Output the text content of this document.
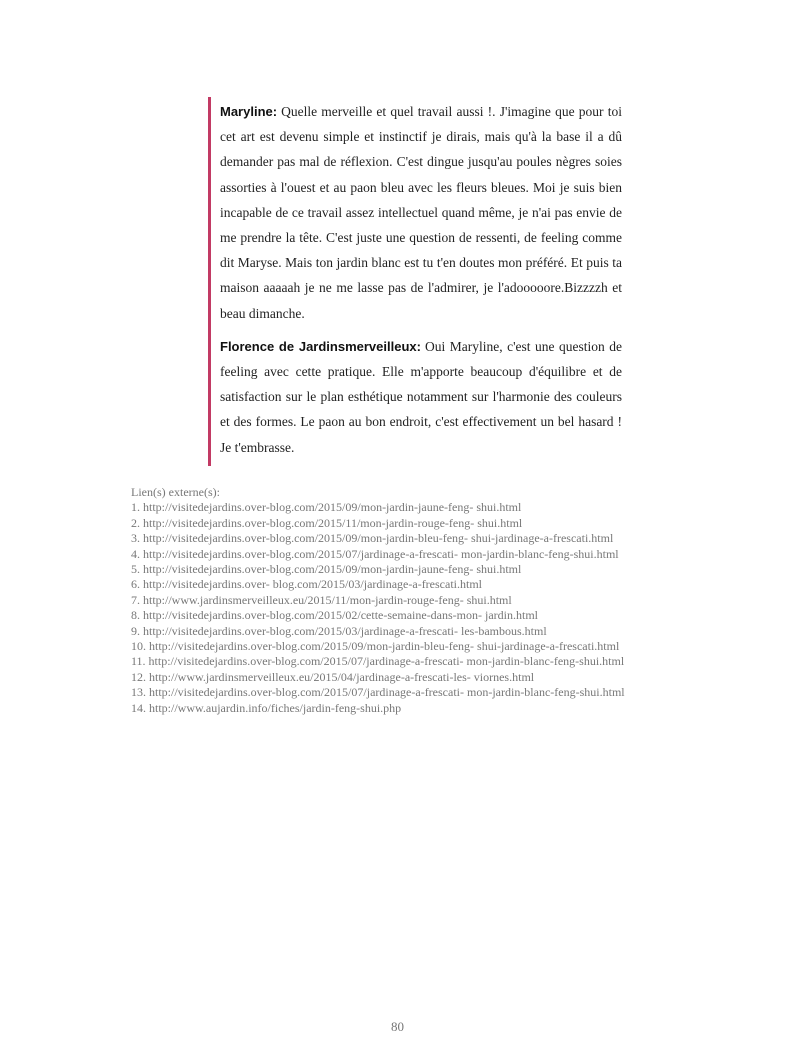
Maryline: Quelle merveille et quel travail aussi !. J'imagine que pour toi cet art est devenu simple et instinctif je dirais, mais qu'à la base il a dû demander pas mal de réflexion. C'est dingue jusqu'au poules nègres soies assorties à l'ouest et au paon bleu avec les fleurs bleues. Moi je suis bien incapable de ce travail assez intellectuel quand même, je n'ai pas envie de me prendre la tête. C'est juste une question de ressenti, de feeling comme dit Maryse. Mais ton jardin blanc est tu t'en doutes mon préféré. Et puis ta maison aaaaah je ne me lasse pas de l'admirer, je l'adooooore.Bizzzzh et beau dimanche.

Florence de Jardinsmerveilleux: Oui Maryline, c'est une question de feeling avec cette pratique. Elle m'apporte beaucoup d'équilibre et de satisfaction sur le plan esthétique notamment sur l'harmonie des couleurs et des formes. Le paon au bon endroit, c'est effectivement un bel hasard ! Je t'embrasse.

Lien(s) externe(s):

1. http://visitedejardins.over-blog.com/2015/09/mon-jardin-jaune-feng- shui.html
2. http://visitedejardins.over-blog.com/2015/11/mon-jardin-rouge-feng- shui.html
3. http://visitedejardins.over-blog.com/2015/09/mon-jardin-bleu-feng- shui-jardinage-a-frescati.html
4. http://visitedejardins.over-blog.com/2015/07/jardinage-a-frescati- mon-jardin-blanc-feng-shui.html
5. http://visitedejardins.over-blog.com/2015/09/mon-jardin-jaune-feng- shui.html
6. http://visitedejardins.over- blog.com/2015/03/jardinage-a-frescati.html
7. http://www.jardinsmerveilleux.eu/2015/11/mon-jardin-rouge-feng- shui.html
8. http://visitedejardins.over-blog.com/2015/02/cette-semaine-dans-mon- jardin.html
9. http://visitedejardins.over-blog.com/2015/03/jardinage-a-frescati- les-bambous.html
10. http://visitedejardins.over-blog.com/2015/09/mon-jardin-bleu-feng- shui-jardinage-a-frescati.html
11. http://visitedejardins.over-blog.com/2015/07/jardinage-a-frescati- mon-jardin-blanc-feng-shui.html
12. http://www.jardinsmerveilleux.eu/2015/04/jardinage-a-frescati-les- viornes.html
13. http://visitedejardins.over-blog.com/2015/07/jardinage-a-frescati- mon-jardin-blanc-feng-shui.html
14. http://www.aujardin.info/fiches/jardin-feng-shui.php
80
